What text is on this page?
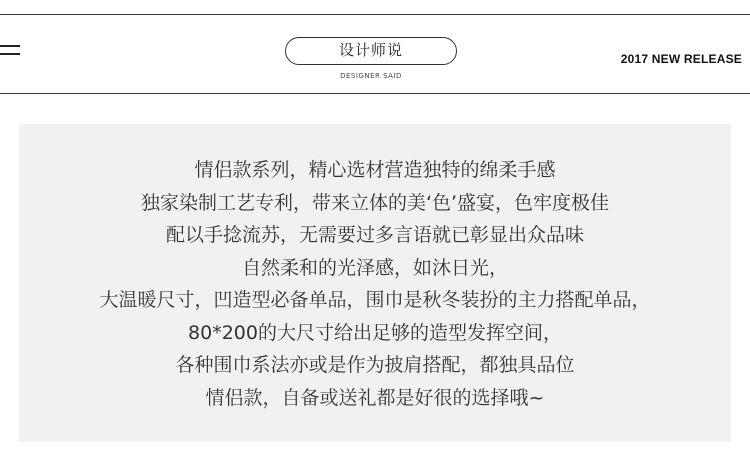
设计师说
DESIGNER SAID
2017 NEW RELEASE
情侣款系列，精心选材营造独特的绵柔手感
独家染制工艺专利，带来立体的美‘色’盛宴，色牢度极佳
配以手捻流苏，无需要过多言语就已彰显出众品味
自然柔和的光泽感，如沐日光，
大温暖尺寸，凹造型必备单品，围巾是秋冬装扮的主力搭配单品，
80*200的大尺寸给出足够的造型发挥空间，
各种围巾系法亦或是作为披肩搭配，都独具品位
情侣款，自备或送礼都是好很的选择哦~
